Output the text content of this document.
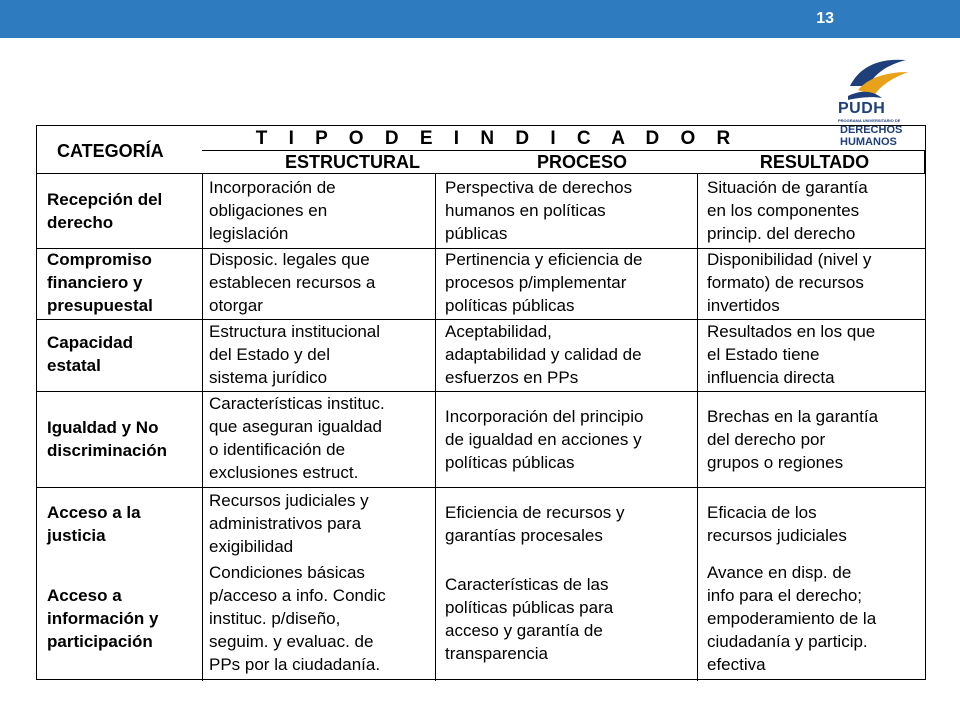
13
PUDH
PROGRAMA UNIVERSITARIO DE
DERECHOS
HUMANOS
CATEGORÍA
T I P O D E I N D I C A D O R
ESTRUCTURAL	PROCESO	RESULTADO
Recepción del
derecho
Incorporación de
obligaciones en
legislación
Perspectiva de derechos
humanos en políticas
públicas
Situación de garantía
en los componentes
princip. del derecho
Compromiso
financiero y
presupuestal
Disposic. legales que
establecen recursos a
otorgar
Pertinencia y eficiencia de
procesos p/implementar
políticas públicas
Disponibilidad (nivel y
formato) de recursos
invertidos
Capacidad
estatal
Estructura institucional
del Estado y del
sistema jurídico
Aceptabilidad,
adaptabilidad y calidad de
esfuerzos en PPs
Resultados en los que
el Estado tiene
influencia directa
Igualdad y No
discriminación
Características instituc.
que aseguran igualdad
o identificación de
exclusiones estruct.
Incorporación del principio
de igualdad en acciones y
políticas públicas
Brechas en la garantía
del derecho por
grupos o regiones
Acceso a la
justicia
Recursos judiciales y
administrativos para
exigibilidad
Eficiencia de recursos y
garantías procesales
Eficacia de los
recursos judiciales
Acceso a
información y
participación
Condiciones básicas
p/acceso a info. Condic
instituc. p/diseño,
seguim. y evaluac. de
PPs por la ciudadanía.
Características de las
políticas públicas para
acceso y garantía de
transparencia
Avance en disp. de
info para el derecho;
empoderamiento de la
ciudadanía y particip.
efectiva
